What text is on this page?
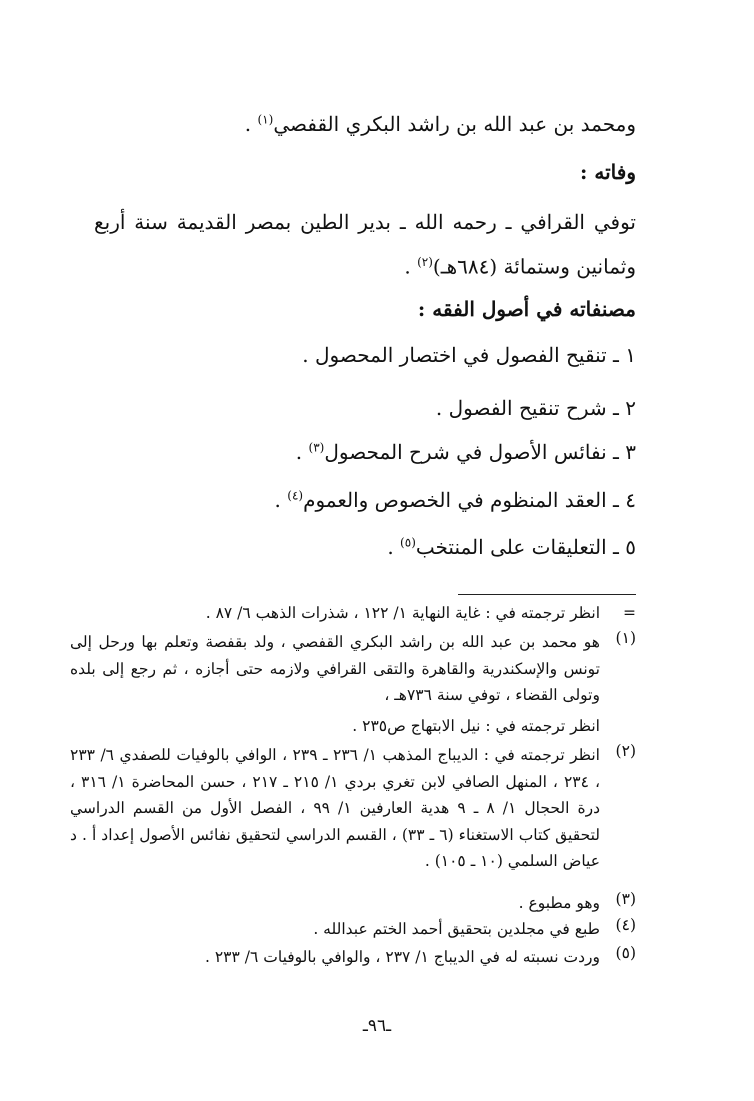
ومحمد بن عبد الله بن راشد البكري القفصي$^{(١)}$ .
وفاته :
توفي القرافي ـ رحمه الله ـ بدير الطين بمصر القديمة سنة أربع وثمانين وستمائة (٦٨٤هـ)$^{(٢)}$ .
مصنفاته في أصول الفقه :
١ ـ تنقيح الفصول في اختصار المحصول .
٢ ـ شرح تنقيح الفصول .
٣ ـ نفائس الأصول في شرح المحصول$^{(٣)}$ .
٤ ـ العقد المنظوم في الخصوص والعموم$^{(٤)}$ .
٥ ـ التعليقات على المنتخب$^{(٥)}$ .
=
انظر ترجمته في : غاية النهاية ١/ ١٢٢ ، شذرات الذهب ٦/ ٨٧ .
(١)
هو محمد بن عبد الله بن راشد البكري القفصي ، ولد بقفصة وتعلم بها ورحل إلى تونس والإسكندرية والقاهرة والتقى القرافي ولازمه حتى أجازه ، ثم رجع إلى بلده وتولى القضاء ، توفي سنة ٧٣٦هـ ،
انظر ترجمته في : نيل الابتهاج ص٢٣٥ .
(٢)
انظر ترجمته في : الديباج المذهب ١/ ٢٣٦ ـ ٢٣٩ ، الوافي بالوفيات للصفدي ٦/ ٢٣٣ ، ٢٣٤ ، المنهل الصافي لابن تغري بردي ١/ ٢١٥ ـ ٢١٧ ، حسن المحاضرة ١/ ٣١٦ ، درة الحجال ١/ ٨ ـ ٩ هدية العارفين ١/ ٩٩ ، الفصل الأول من القسم الدراسي لتحقيق كتاب الاستغناء (٦ ـ ٣٣) ، القسم الدراسي لتحقيق نفائس الأصول إعداد أ . د عياض السلمي (١٠ ـ ١٠٥) .
(٣)
وهو مطبوع .
(٤)
طبع في مجلدين بتحقيق أحمد الختم عبدالله .
(٥)
وردت نسبته له في الديباج ١/ ٢٣٧ ، والوافي بالوفيات ٦/ ٢٣٣ .
ـ٩٦ـ
